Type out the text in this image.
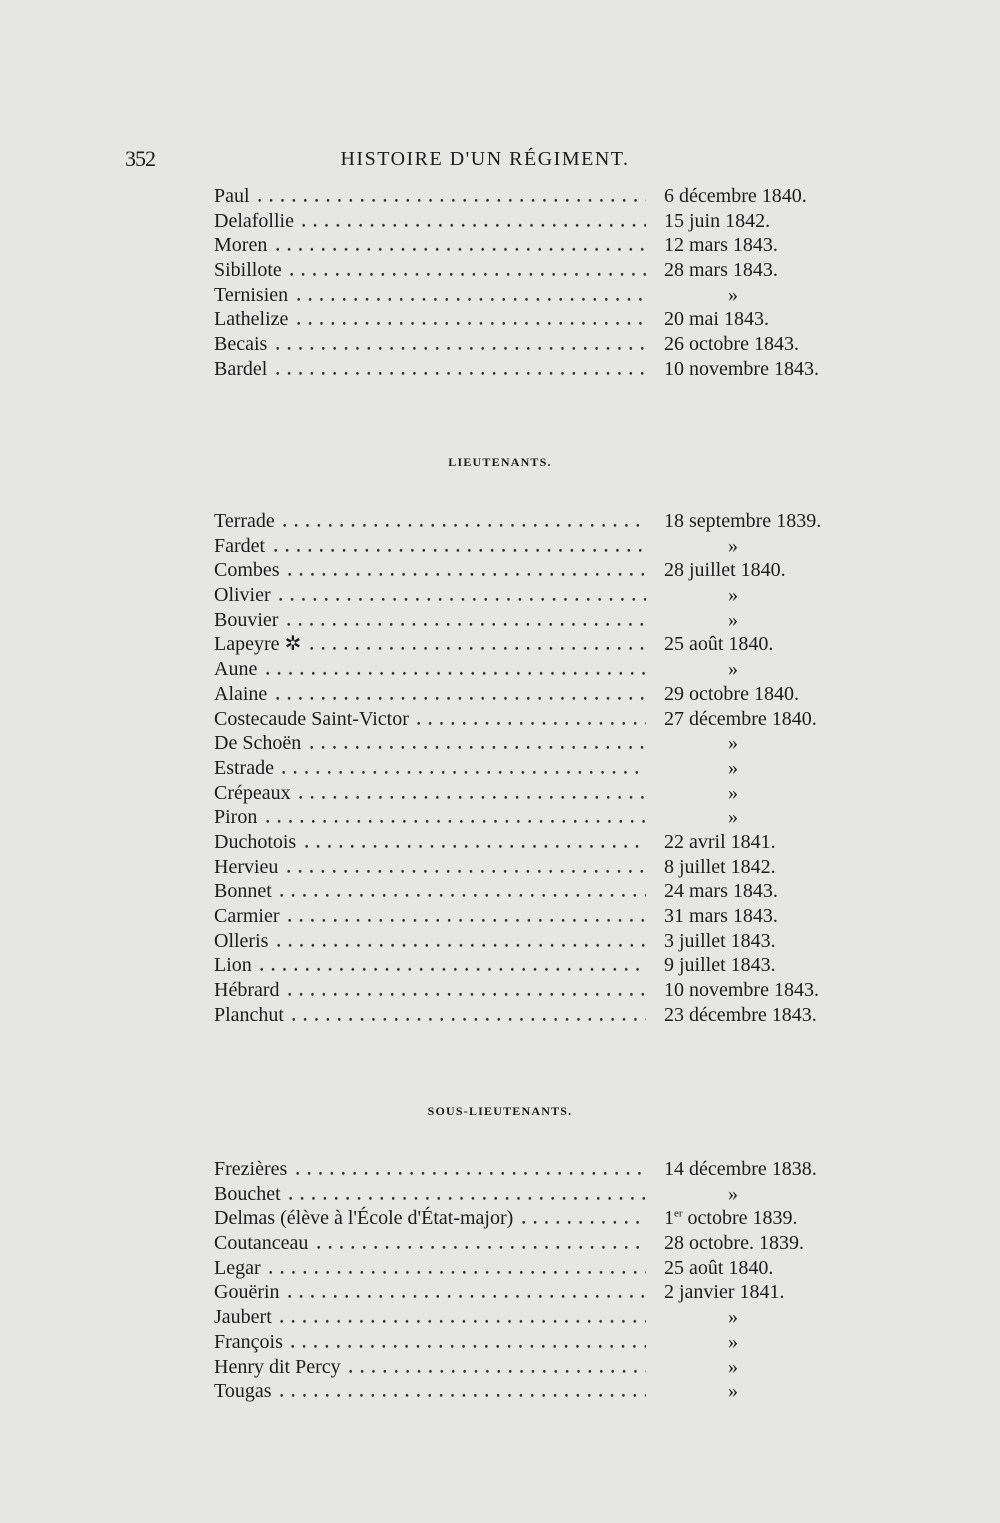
352	HISTOIRE D'UN RÉGIMENT.
Paul	6 décembre 1840.
Delafollie	15 juin 1842.
Moren	12 mars 1843.
Sibillote	28 mars 1843.
Ternisien	»
Lathelize	20 mai 1843.
Becais	26 octobre 1843.
Bardel	10 novembre 1843.
LIEUTENANTS.
Terrade	18 septembre 1839.
Fardet	»
Combes	28 juillet 1840.
Olivier	»
Bouvier	»
Lapeyre ✲	25 août 1840.
Aune	»
Alaine	29 octobre 1840.
Costecaude Saint-Victor	27 décembre 1840.
De Schoën	»
Estrade	»
Crépeaux	»
Piron	»
Duchotois	22 avril 1841.
Hervieu	8 juillet 1842.
Bonnet	24 mars 1843.
Carmier	31 mars 1843.
Olleris	3 juillet 1843.
Lion	9 juillet 1843.
Hébrard	10 novembre 1843.
Planchut	23 décembre 1843.
SOUS-LIEUTENANTS.
Frezières	14 décembre 1838.
Bouchet	»
Delmas (élève à l'École d'État-major)	1er octobre 1839.
Coutanceau	28 octobre. 1839.
Legar	25 août 1840.
Gouërin	2 janvier 1841.
Jaubert	»
François	»
Henry dit Percy	»
Tougas	»
